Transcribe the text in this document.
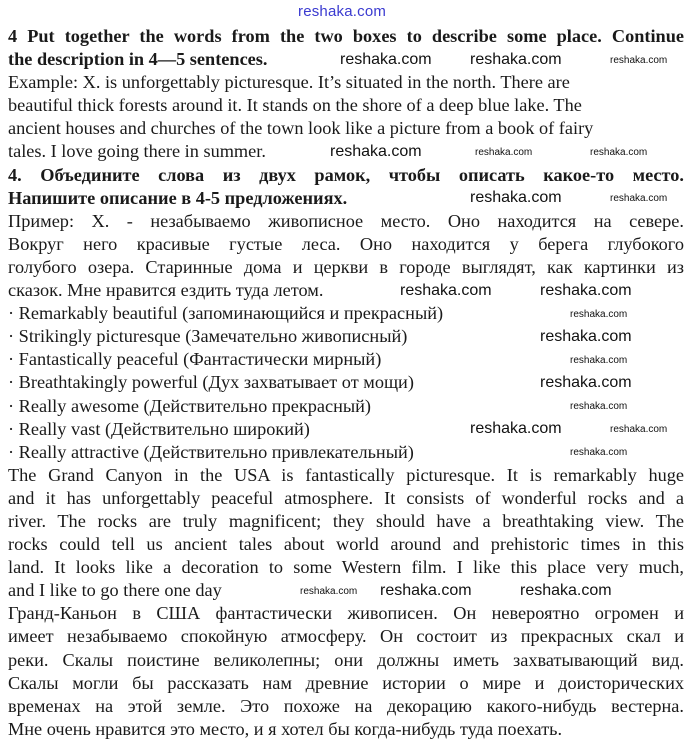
4 Put together the words from the two boxes to describe some place. Continue
the description in 4—5 sentences.
Example: X. is unforgettably picturesque. It’s situated in the north. There are
beautiful thick forests around it. It stands on the shore of a deep blue lake. The
ancient houses and churches of the town look like a picture from a book of fairy
tales. I love going there in summer.
4. Объедините слова из двух рамок, чтобы описать какое-то место.
Напишите описание в 4-5 предложениях.
Пример: X. - незабываемо живописное место. Оно находится на севере.
Вокруг него красивые густые леса. Оно находится у берега глубокого
голубого озера. Старинные дома и церкви в городе выглядят, как картинки из
сказок. Мне нравится ездить туда летом.
· Remarkably beautiful (запоминающийся и прекрасный)
· Strikingly picturesque (Замечательно живописный)
· Fantastically peaceful (Фантастически мирный)
· Breathtakingly powerful (Дух захватывает от мощи)
· Really awesome (Действительно прекрасный)
· Really vast (Действительно широкий)
· Really attractive (Действительно привлекательный)
The Grand Canyon in the USA is fantastically picturesque. It is remarkably huge
and it has unforgettably peaceful atmosphere. It consists of wonderful rocks and a
river. The rocks are truly magnificent; they should have a breathtaking view. The
rocks could tell us ancient tales about world around and prehistoric times in this
land. It looks like a decoration to some Western film. I like this place very much,
and I like to go there one day
Гранд-Каньон в США фантастически живописен. Он невероятно огромен и
имеет незабываемо спокойную атмосферу. Он состоит из прекрасных скал и
реки. Скалы поистине великолепны; они должны иметь захватывающий вид.
Скалы могли бы рассказать нам древние истории о мире и доисторических
временах на этой земле. Это похоже на декорацию какого-нибудь вестерна.
Мне очень нравится это место, и я хотел бы когда-нибудь туда поехать.
reshaka.com
reshaka.com reshaka.com	reshaka.com
reshaka.com	reshaka.com	reshaka.com
reshaka.com	reshaka.com
reshaka.com	reshaka.com
reshaka.com
reshaka.com
reshaka.com
reshaka.com
reshaka.com
reshaka.com	reshaka.com
reshaka.com
reshaka.com reshaka.com	reshaka.com
